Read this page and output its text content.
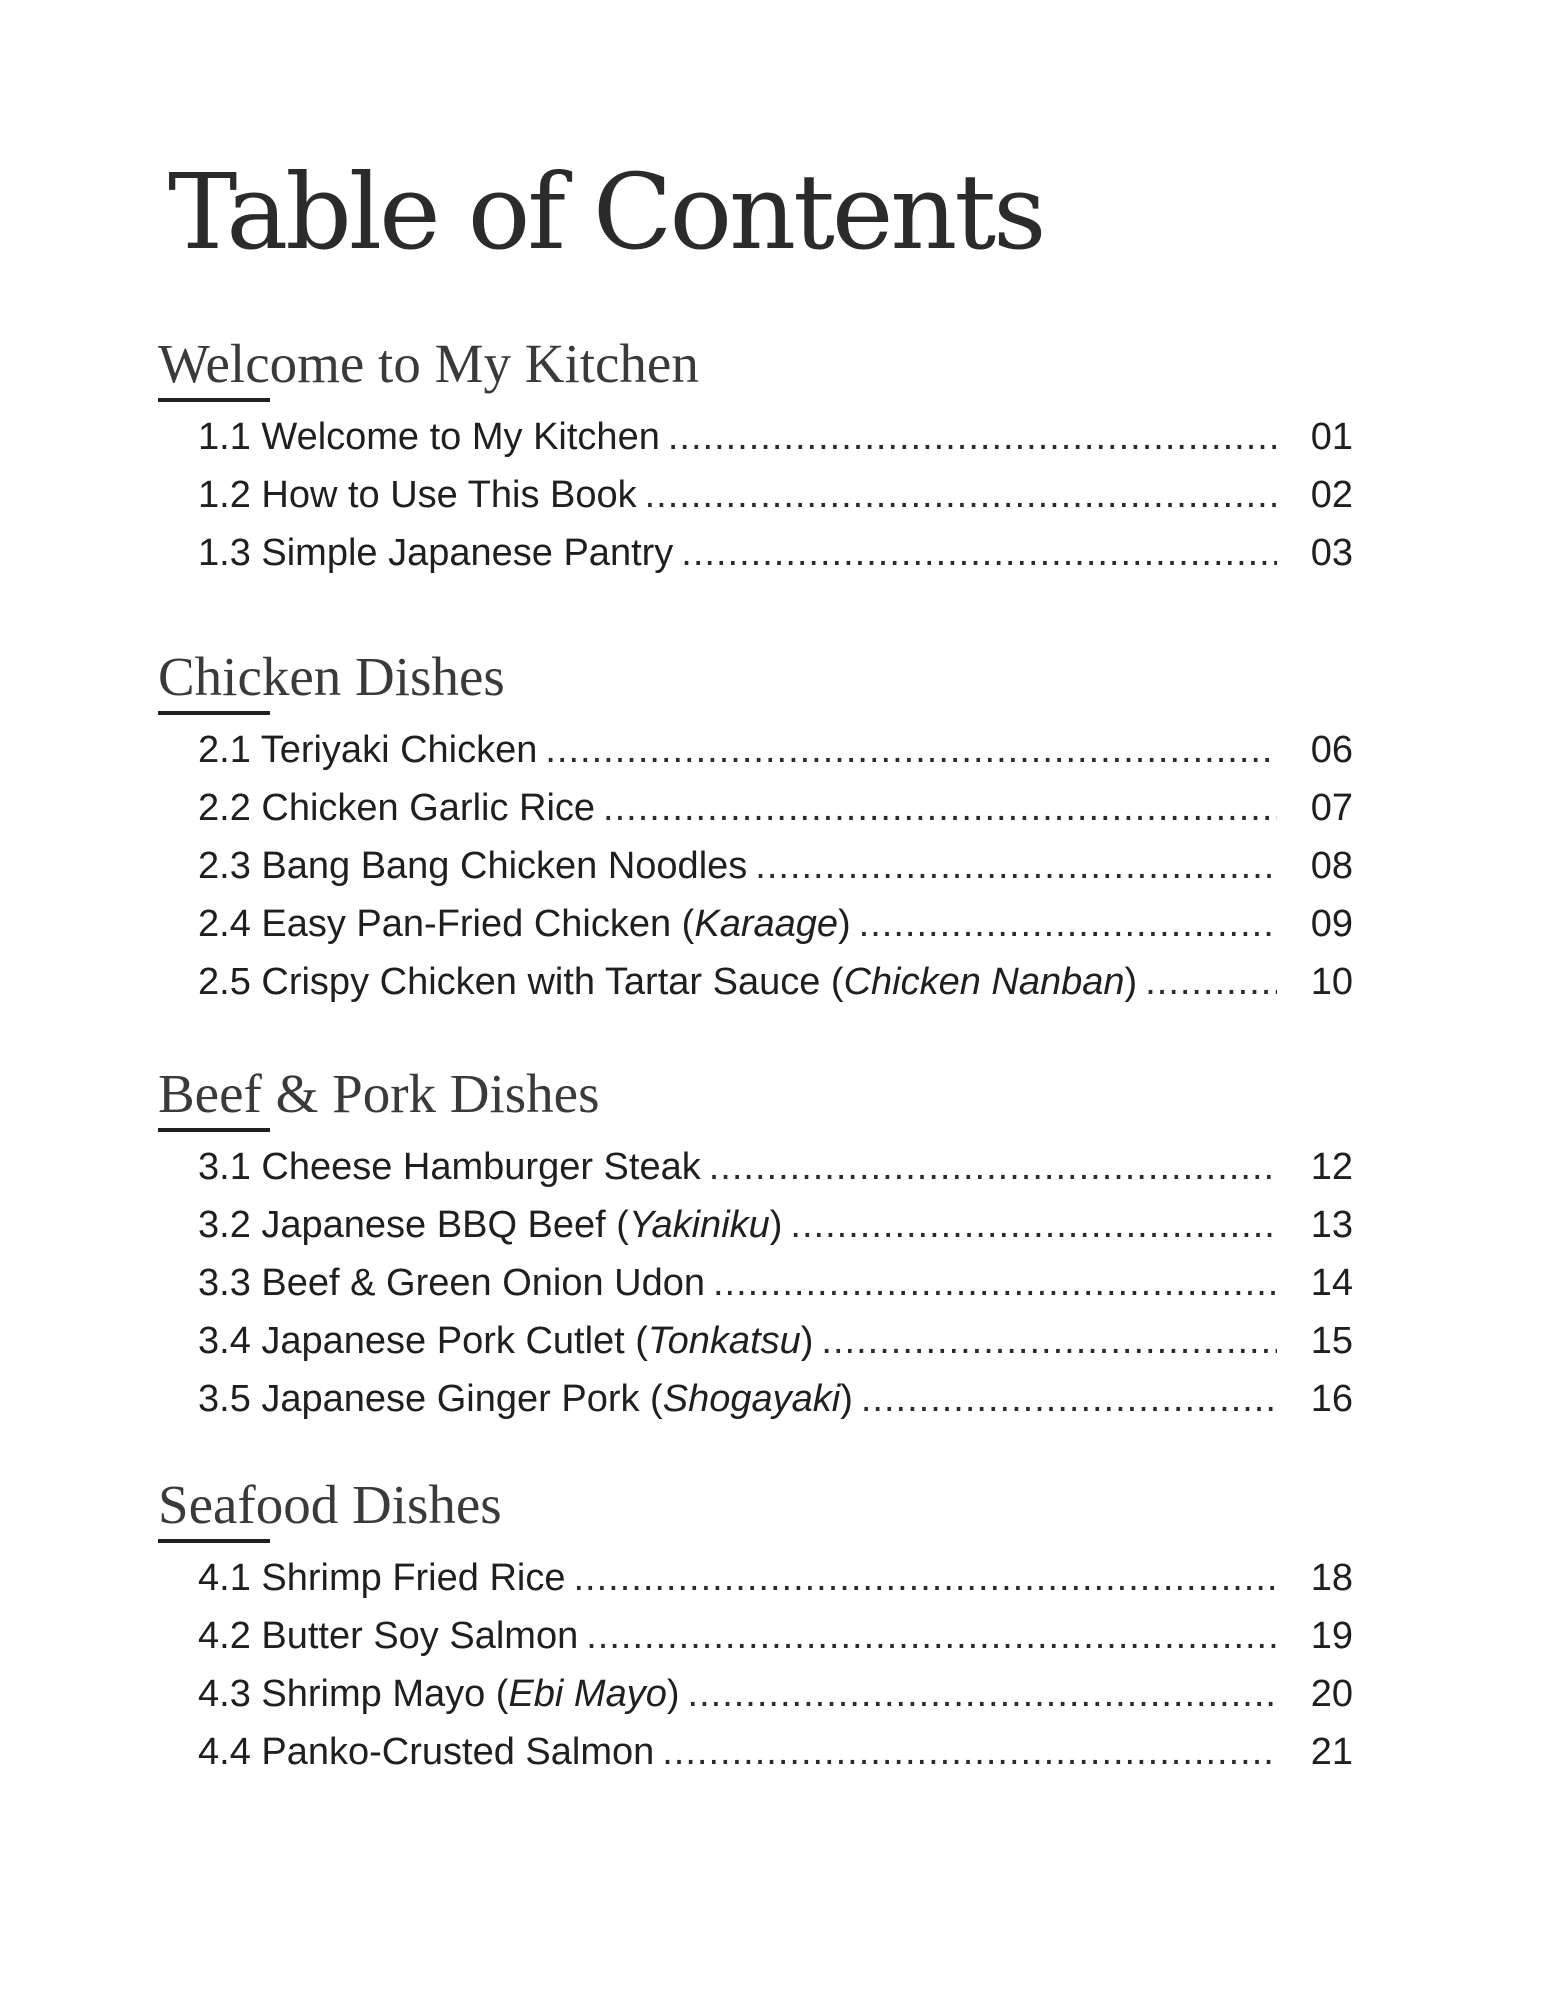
Table of Contents
Welcome to My Kitchen
1.1 Welcome to My Kitchen .....	01
1.2 How to Use This Book .....	02
1.3 Simple Japanese Pantry .....	03
Chicken Dishes
2.1 Teriyaki Chicken .....	06
2.2 Chicken Garlic Rice .....	07
2.3 Bang Bang Chicken Noodles .....	08
2.4 Easy Pan-Fried Chicken (Karaage) .....	09
2.5 Crispy Chicken with Tartar Sauce (Chicken Nanban) .....	10
Beef & Pork Dishes
3.1 Cheese Hamburger Steak .....	12
3.2 Japanese BBQ Beef (Yakiniku) .....	13
3.3 Beef & Green Onion Udon .....	14
3.4 Japanese Pork Cutlet (Tonkatsu) .....	15
3.5 Japanese Ginger Pork (Shogayaki) .....	16
Seafood Dishes
4.1 Shrimp Fried Rice .....	18
4.2 Butter Soy Salmon .....	19
4.3 Shrimp Mayo (Ebi Mayo) .....	20
4.4 Panko-Crusted Salmon .....	21
